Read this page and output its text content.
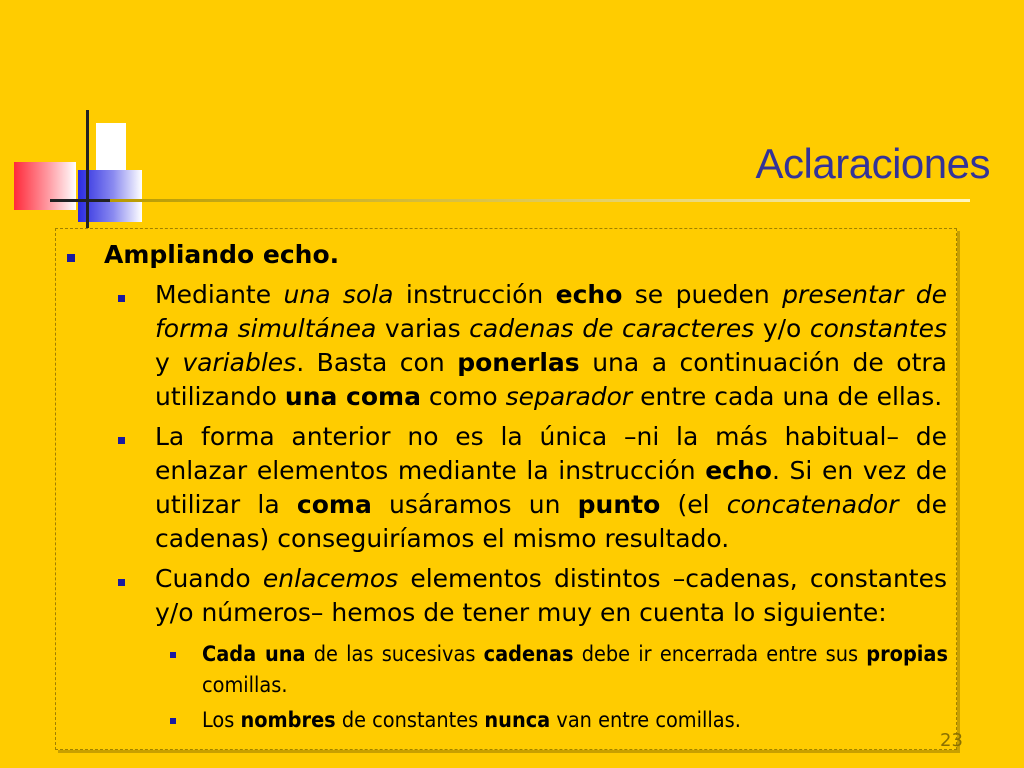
Aclaraciones
Ampliando echo.
Mediante una sola instrucción echo se pueden presentar de forma simultánea varias cadenas de caracteres y/o constantes y variables. Basta con ponerlas una a continuación de otra utilizando una coma como separador entre cada una de ellas.
La forma anterior no es la única –ni la más habitual– de enlazar elementos mediante la instrucción echo. Si en vez de utilizar la coma usáramos un punto (el concatenador de cadenas) conseguiríamos el mismo resultado.
Cuando enlacemos elementos distintos –cadenas, constantes y/o números– hemos de tener muy en cuenta lo siguiente:
Cada una de las sucesivas cadenas debe ir encerrada entre sus propias comillas.
Los nombres de constantes nunca van entre comillas.
23
